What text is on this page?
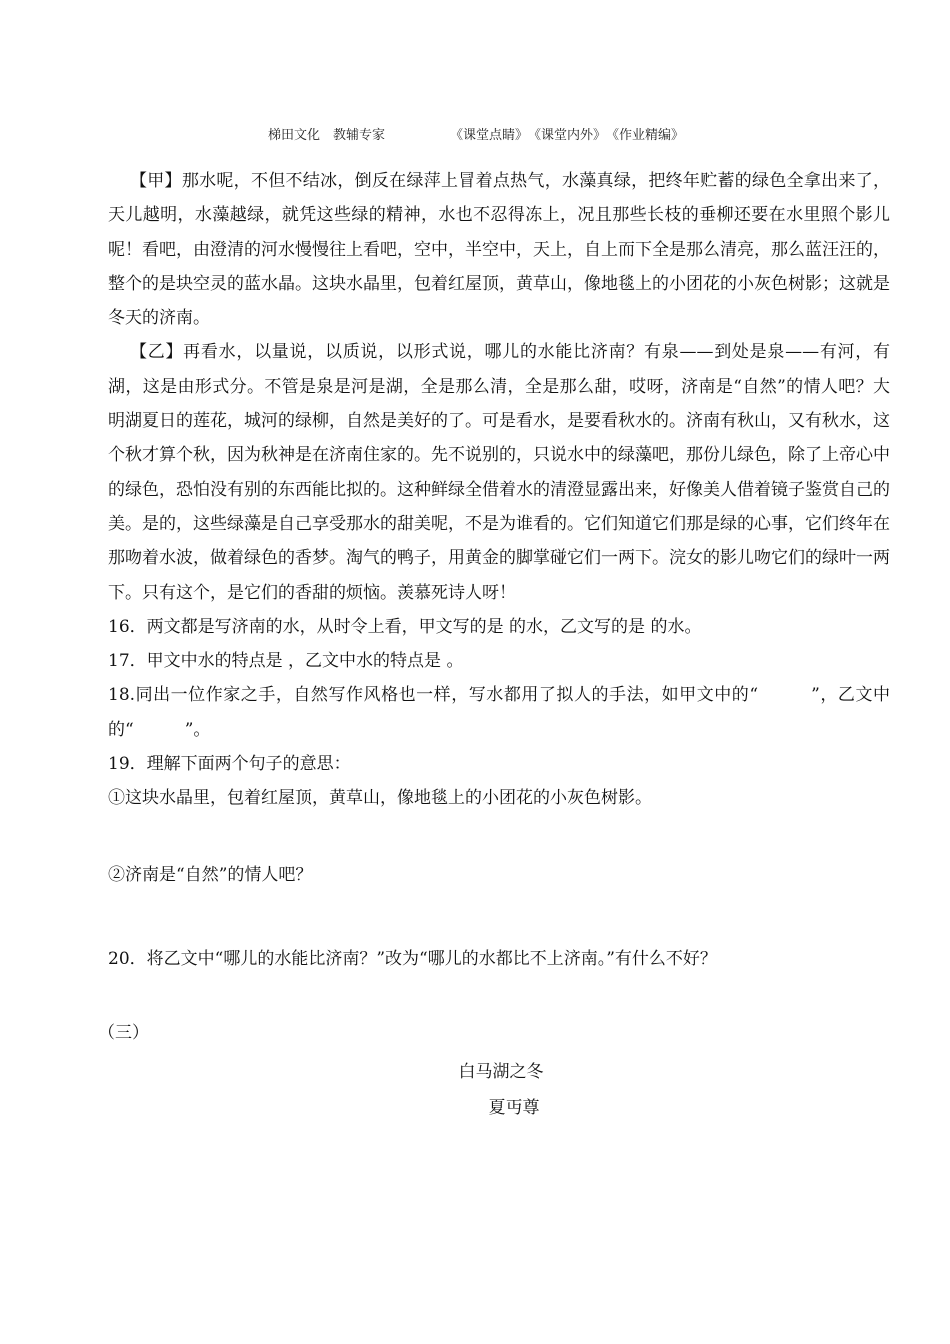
梯田文化　教辅专家	《课堂点睛》　《课堂内外》　《作业精编》

【甲】那水呢，不但不结冰，倒反在绿萍上冒着点热气，水藻真绿，把终年贮蓄的绿色全拿出来了，天儿越明，水藻越绿，就凭这些绿的精神，水也不忍得冻上，况且那些长枝的垂柳还要在水里照个影儿呢！看吧，由澄清的河水慢慢往上看吧，空中，半空中，天上，自上而下全是那么清亮，那么蓝汪汪的，整个的是块空灵的蓝水晶。这块水晶里，包着红屋顶，黄草山，像地毯上的小团花的小灰色树影；这就是冬天的济南。

【乙】再看水，以量说，以质说，以形式说，哪儿的水能比济南？有泉——到处是泉——有河，有湖，这是由形式分。不管是泉是河是湖，全是那么清，全是那么甜，哎呀，济南是“自然”的情人吧？大明湖夏日的莲花，城河的绿柳，自然是美好的了。可是看水，是要看秋水的。济南有秋山，又有秋水，这个秋才算个秋，因为秋神是在济南住家的。先不说别的，只说水中的绿藻吧，那份儿绿色，除了上帝心中的绿色，恐怕没有别的东西能比拟的。这种鲜绿全借着水的清澄显露出来，好像美人借着镜子鉴赏自己的美。是的，这些绿藻是自己享受那水的甜美呢，不是为谁看的。它们知道它们那是绿的心事，它们终年在那吻着水波，做着绿色的香梦。淘气的鸭子，用黄金的脚掌碰它们一两下。浣女的影儿吻它们的绿叶一两下。只有这个，是它们的香甜的烦恼。羡慕死诗人呀！

16．两文都是写济南的水，从时令上看，甲文写的是 的水，乙文写的是 的水。

17．甲文中水的特点是 ，乙文中水的特点是 。

18.同出一位作家之手，自然写作风格也一样，写水都用了拟人的手法，如甲文中的“　　　”，乙文中的“　　　”。

19．理解下面两个句子的意思：

①这块水晶里，包着红屋顶，黄草山，像地毯上的小团花的小灰色树影。

②济南是“自然”的情人吧？

20．将乙文中“哪儿的水能比济南？”改为“哪儿的水都比不上济南。”有什么不好？

（三）

白马湖之冬

夏丏尊
